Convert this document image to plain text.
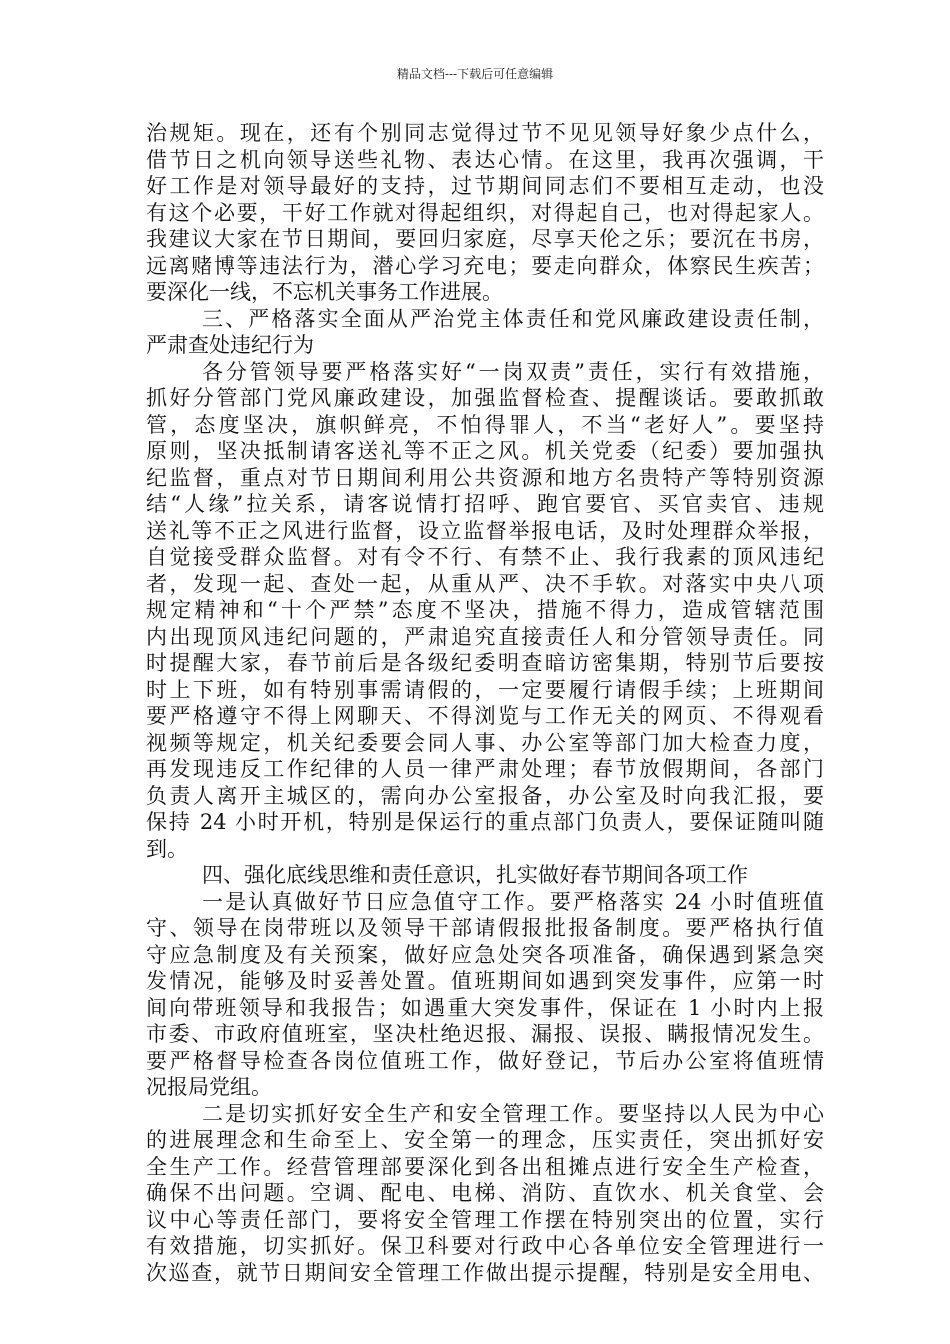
精品文档---下载后可任意编辑
治规矩。现在，还有个别同志觉得过节不见见领导好象少点什么，
借节日之机向领导送些礼物、表达心情。在这里，我再次强调，干
好工作是对领导最好的支持，过节期间同志们不要相互走动，也没
有这个必要，干好工作就对得起组织，对得起自己，也对得起家人。
我建议大家在节日期间，要回归家庭，尽享天伦之乐；要沉在书房，
远离赌博等违法行为，潜心学习充电；要走向群众，体察民生疾苦；
要深化一线，不忘机关事务工作进展。
三、严格落实全面从严治党主体责任和党风廉政建设责任制，
严肃查处违纪行为
各分管领导要严格落实好“一岗双责”责任，实行有效措施，
抓好分管部门党风廉政建设，加强监督检查、提醒谈话。要敢抓敢
管，态度坚决，旗帜鲜亮，不怕得罪人，不当“老好人”。要坚持
原则，坚决抵制请客送礼等不正之风。机关党委（纪委）要加强执
纪监督，重点对节日期间利用公共资源和地方名贵特产等特别资源
结“人缘”拉关系，请客说情打招呼、跑官要官、买官卖官、违规
送礼等不正之风进行监督，设立监督举报电话，及时处理群众举报，
自觉接受群众监督。对有令不行、有禁不止、我行我素的顶风违纪
者，发现一起、查处一起，从重从严、决不手软。对落实中央八项
规定精神和“十个严禁”态度不坚决，措施不得力，造成管辖范围
内出现顶风违纪问题的，严肃追究直接责任人和分管领导责任。同
时提醒大家，春节前后是各级纪委明查暗访密集期，特别节后要按
时上下班，如有特别事需请假的，一定要履行请假手续；上班期间
要严格遵守不得上网聊天、不得浏览与工作无关的网页、不得观看
视频等规定，机关纪委要会同人事、办公室等部门加大检查力度，
再发现违反工作纪律的人员一律严肃处理；春节放假期间，各部门
负责人离开主城区的，需向办公室报备，办公室及时向我汇报，要
保持 24 小时开机，特别是保运行的重点部门负责人，要保证随叫随
到。
四、强化底线思维和责任意识，扎实做好春节期间各项工作
一是认真做好节日应急值守工作。要严格落实 24 小时值班值
守、领导在岗带班以及领导干部请假报批报备制度。要严格执行值
守应急制度及有关预案，做好应急处突各项准备，确保遇到紧急突
发情况，能够及时妥善处置。值班期间如遇到突发事件，应第一时
间向带班领导和我报告；如遇重大突发事件，保证在 1 小时内上报
市委、市政府值班室，坚决杜绝迟报、漏报、误报、瞒报情况发生。
要严格督导检查各岗位值班工作，做好登记，节后办公室将值班情
况报局党组。
二是切实抓好安全生产和安全管理工作。要坚持以人民为中心
的进展理念和生命至上、安全第一的理念，压实责任，突出抓好安
全生产工作。经营管理部要深化到各出租摊点进行安全生产检查，
确保不出问题。空调、配电、电梯、消防、直饮水、机关食堂、会
议中心等责任部门，要将安全管理工作摆在特别突出的位置，实行
有效措施，切实抓好。保卫科要对行政中心各单位安全管理进行一
次巡查，就节日期间安全管理工作做出提示提醒，特别是安全用电、
